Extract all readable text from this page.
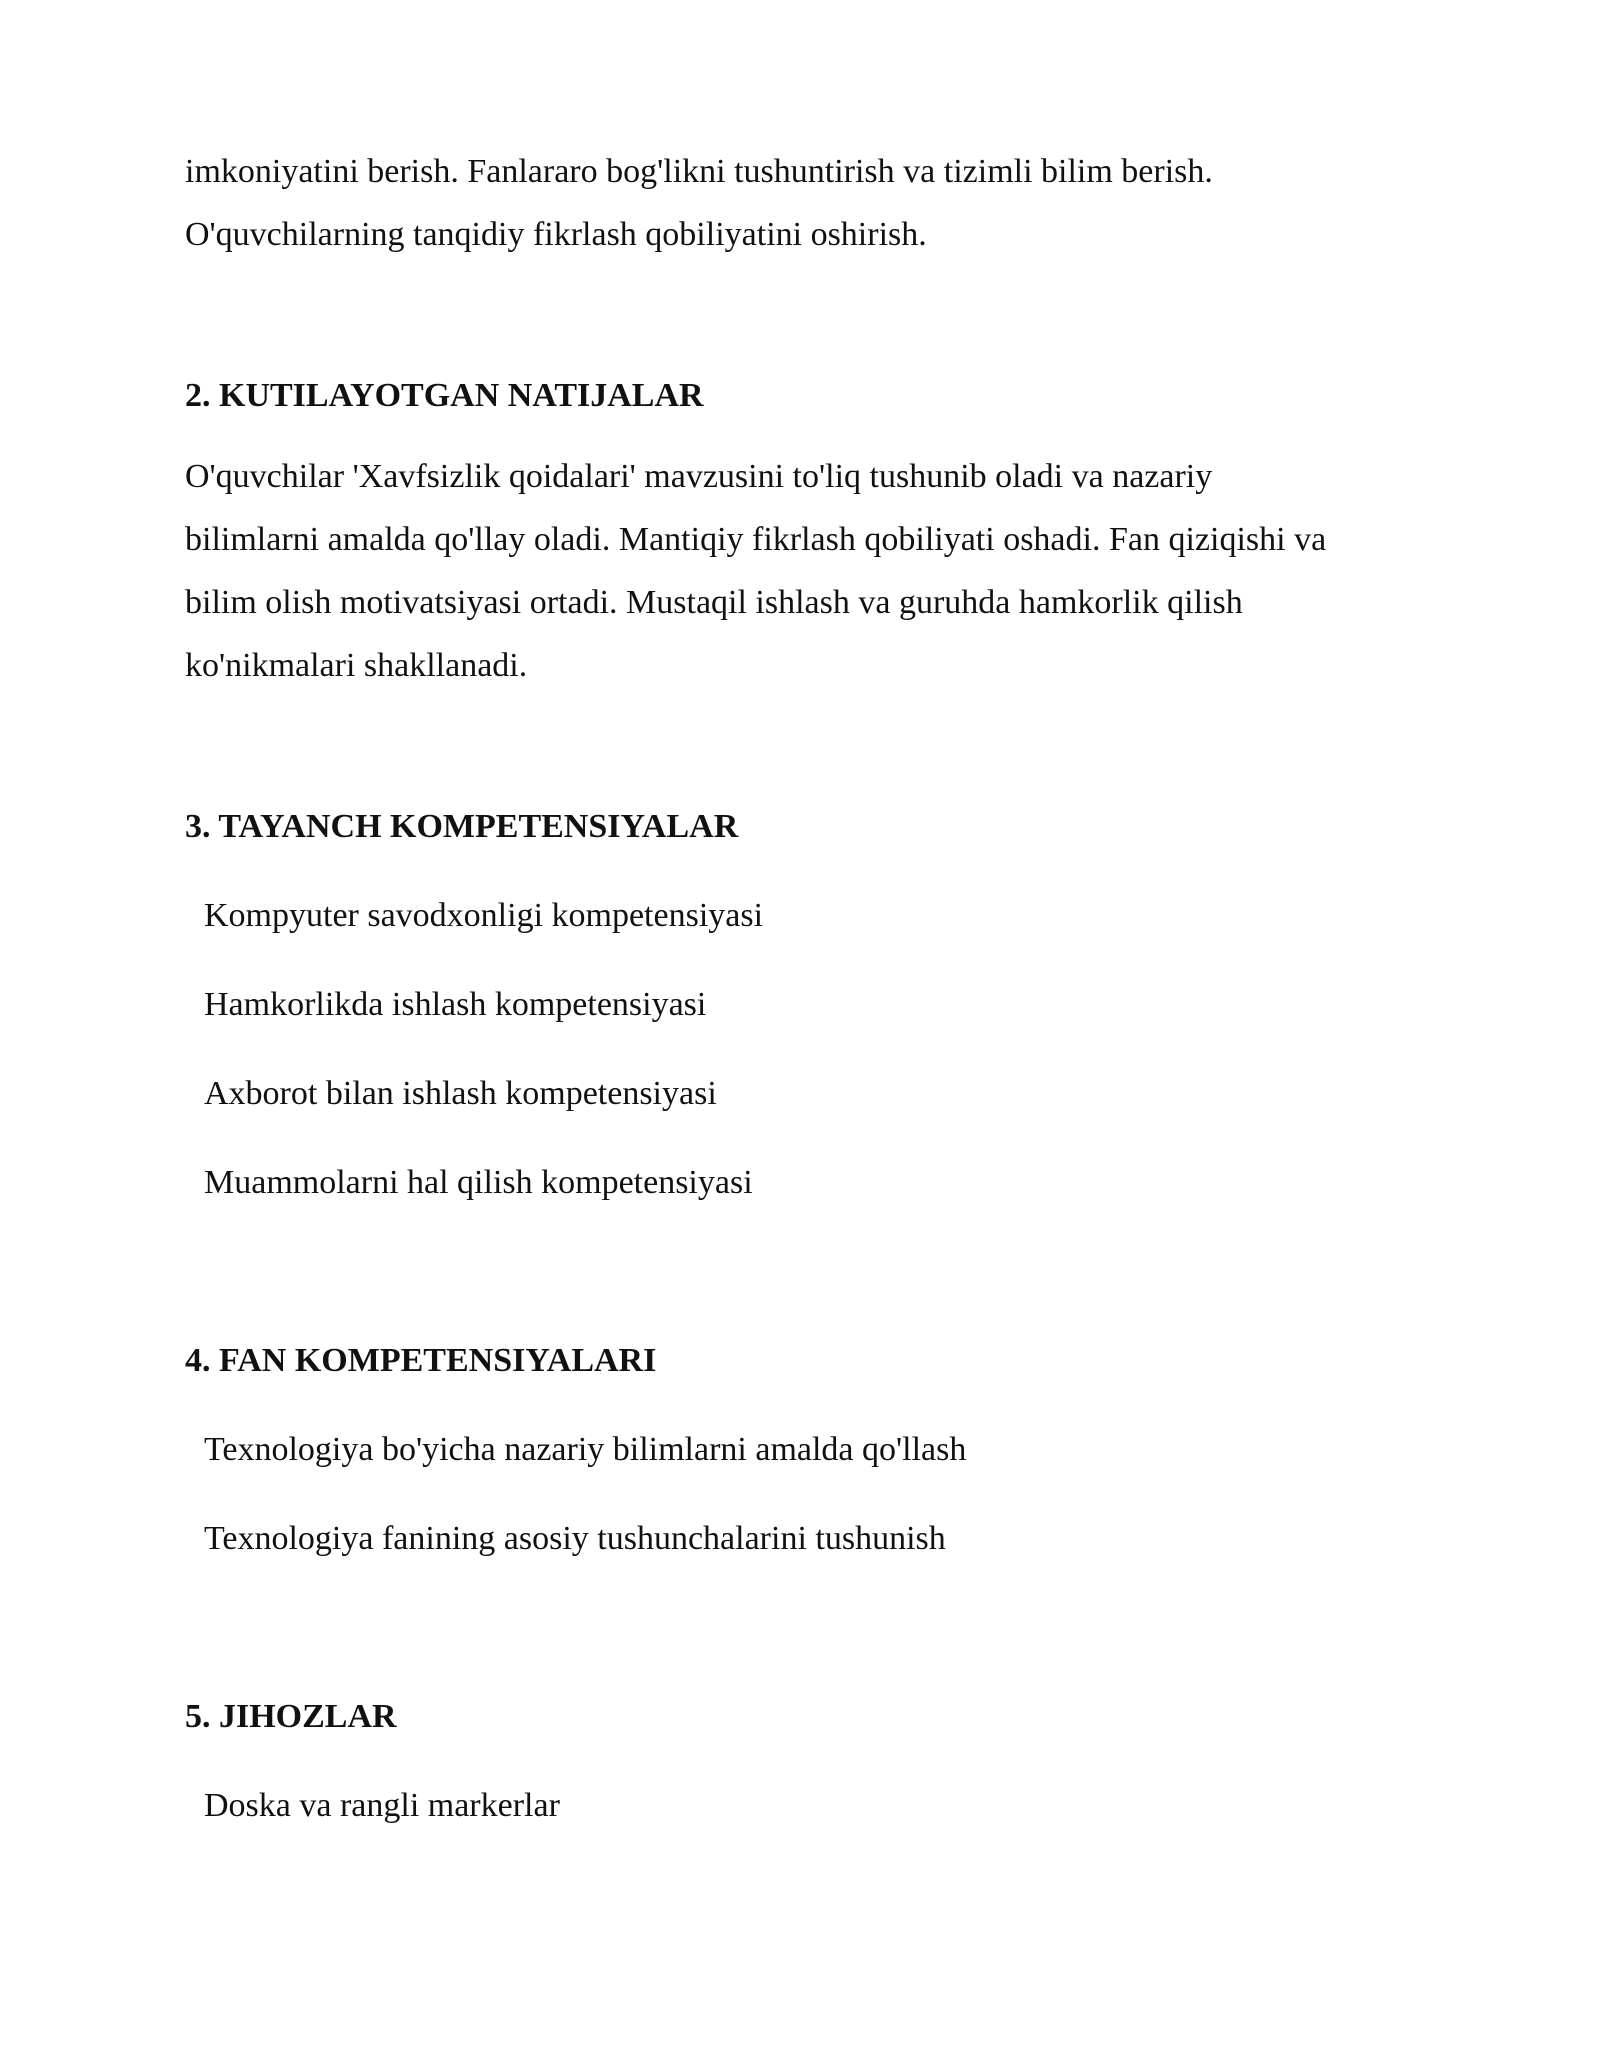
imkoniyatini berish. Fanlararo bog'likni tushuntirish va tizimli bilim berish.

O'quvchilarning tanqidiy fikrlash qobiliyatini oshirish.

2. KUTILAYOTGAN NATIJALAR

O'quvchilar 'Xavfsizlik qoidalari' mavzusini to'liq tushunib oladi va nazariy

bilimlarni amalda qo'llay oladi. Mantiqiy fikrlash qobiliyati oshadi. Fan qiziqishi va

bilim olish motivatsiyasi ortadi. Mustaqil ishlash va guruhda hamkorlik qilish

ko'nikmalari shakllanadi.

3. TAYANCH KOMPETENSIYALAR

Kompyuter savodxonligi kompetensiyasi

Hamkorlikda ishlash kompetensiyasi

Axborot bilan ishlash kompetensiyasi

Muammolarni hal qilish kompetensiyasi

4. FAN KOMPETENSIYALARI

Texnologiya bo'yicha nazariy bilimlarni amalda qo'llash

Texnologiya fanining asosiy tushunchalarini tushunish

5. JIHOZLAR

Doska va rangli markerlar
